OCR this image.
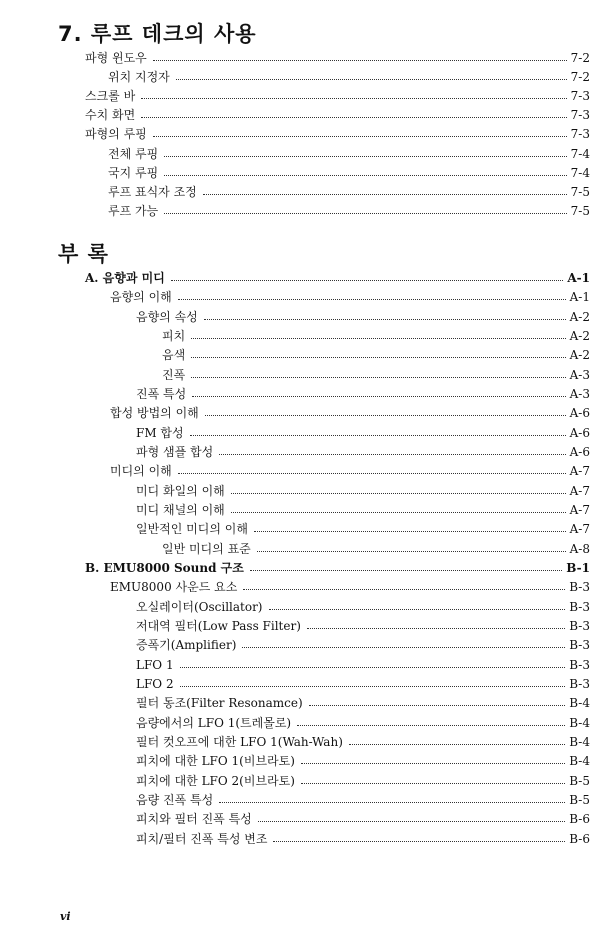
7. 루프 데크의 사용
파형 윈도우	7-2
위치 지정자	7-2
스크롤 바	7-3
수치 화면	7-3
파형의 루핑	7-3
전체 루핑	7-4
국지 루핑	7-4
루프 표식자 조정	7-5
루프 가능	7-5
부 록
A. 음향과 미디	A-1
음향의 이해	A-1
음향의 속성	A-2
피치	A-2
음색	A-2
진폭	A-3
진폭 특성	A-3
합성 방법의 이해	A-6
FM 합성	A-6
파형 샘플 합성	A-6
미디의 이해	A-7
미디 화일의 이해	A-7
미디 채널의 이해	A-7
일반적인 미디의 이해	A-7
일반 미디의 표준	A-8
B. EMU8000 Sound 구조	B-1
EMU8000 사운드 요소	B-3
오실레이터(Oscillator)	B-3
저대역 필터(Low Pass Filter)	B-3
증폭기(Amplifier)	B-3
LFO 1	B-3
LFO 2	B-3
필터 동조(Filter Resonamce)	B-4
음량에서의 LFO 1(트레몰로)	B-4
필터 컷오프에 대한 LFO 1(Wah-Wah)	B-4
피치에 대한 LFO 1(비브라토)	B-4
피치에 대한 LFO 2(비브라토)	B-5
음량 진폭 특성	B-5
피치와 필터 진폭 특성	B-6
피치/필터 진폭 특성 변조	B-6
vi
